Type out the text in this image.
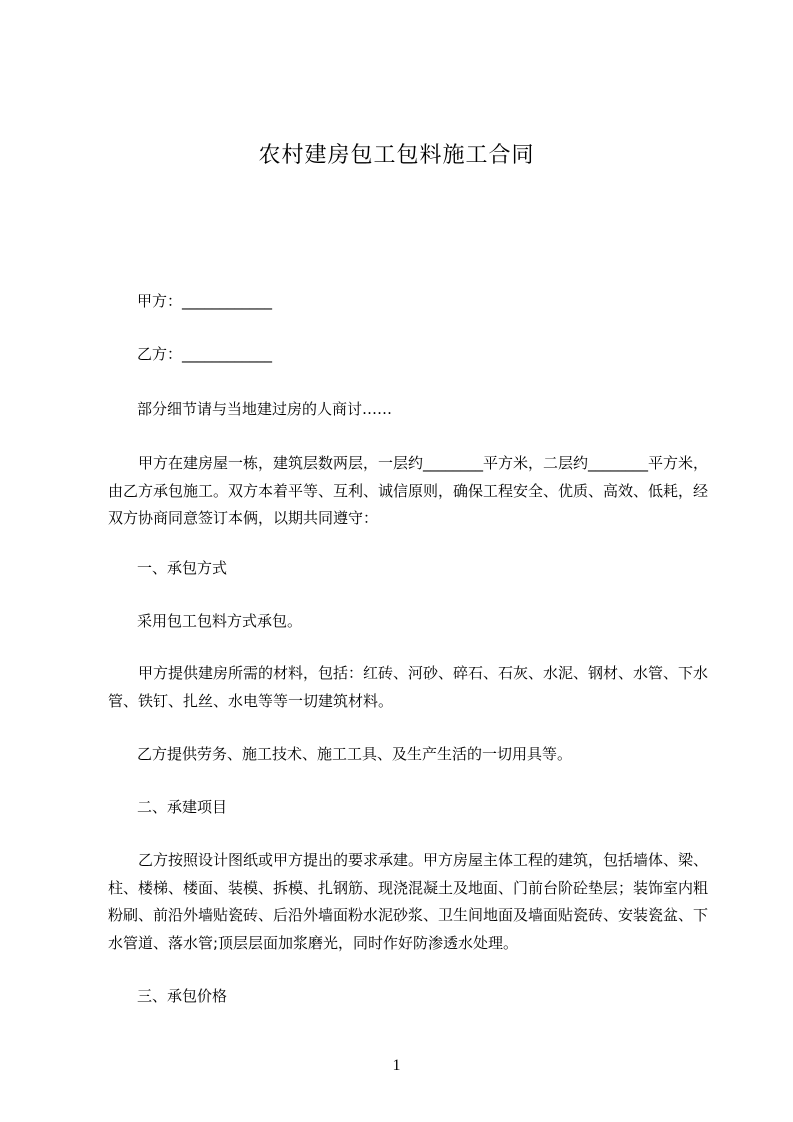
农村建房包工包料施工合同
甲方：____________
乙方：____________
部分细节请与当地建过房的人商讨……

甲方在建房屋一栋，建筑层数两层，一层约________平方米，二层约________平方米，由乙方承包施工。双方本着平等、互利、诚信原则，确保工程安全、优质、高效、低耗，经双方协商同意签订本俩，以期共同遵守：

一、承包方式
采用包工包料方式承包。

甲方提供建房所需的材料，包括：红砖、河砂、碎石、石灰、水泥、钢材、水管、下水管、铁钉、扎丝、水电等等一切建筑材料。

乙方提供劳务、施工技术、施工工具、及生产生活的一切用具等。
二、承建项目

乙方按照设计图纸或甲方提出的要求承建。甲方房屋主体工程的建筑，包括墙体、梁、柱、楼梯、楼面、装模、拆模、扎钢筋、现浇混凝土及地面、门前台阶砼垫层；装饰室内粗粉刷、前沿外墙贴瓷砖、后沿外墙面粉水泥砂浆、卫生间地面及墙面贴瓷砖、安装瓷盆、下水管道、落水管;顶层层面加浆磨光，同时作好防渗透水处理。

三、承包价格
1
